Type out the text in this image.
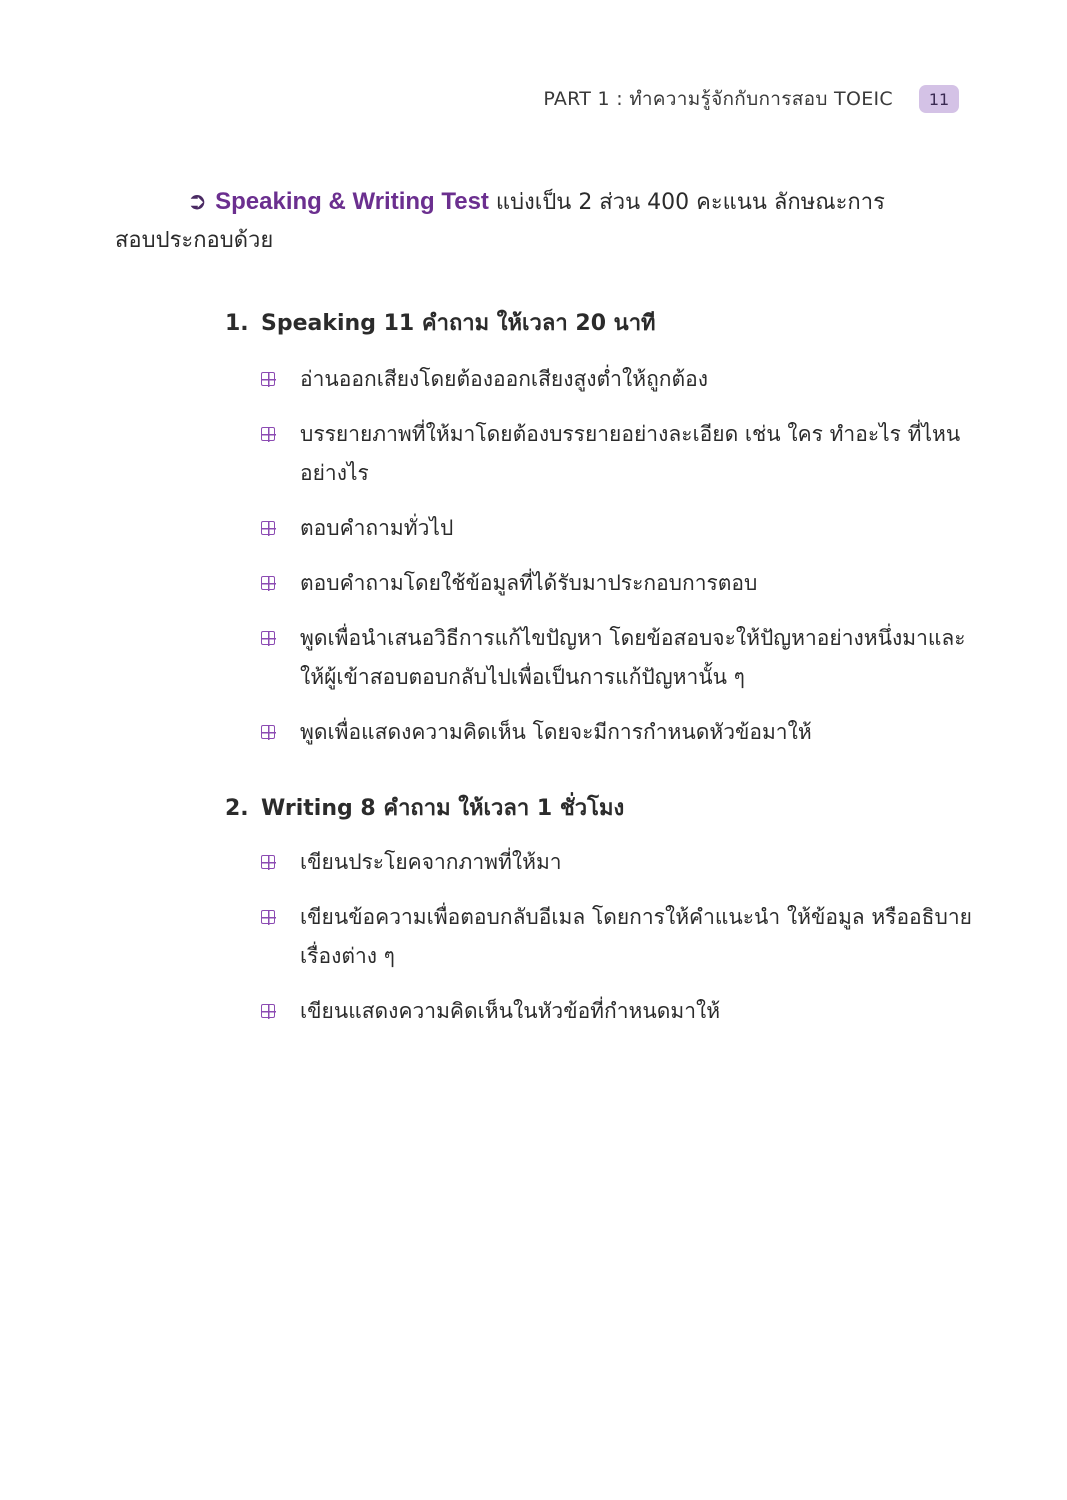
PART 1 : ทำความรู้จักกับการสอบ TOEIC	11

➲ Speaking & Writing Test แบ่งเป็น 2 ส่วน 400 คะแนน ลักษณะการสอบประกอบด้วย

1. Speaking 11 คำถาม ให้เวลา 20 นาที
อ่านออกเสียงโดยต้องออกเสียงสูงต่ำให้ถูกต้อง
บรรยายภาพที่ให้มาโดยต้องบรรยายอย่างละเอียด เช่น ใคร ทำอะไร ที่ไหน อย่างไร
ตอบคำถามทั่วไป
ตอบคำถามโดยใช้ข้อมูลที่ได้รับมาประกอบการตอบ
พูดเพื่อนำเสนอวิธีการแก้ไขปัญหา โดยข้อสอบจะให้ปัญหาอย่างหนึ่งมาและให้ผู้เข้าสอบตอบกลับไปเพื่อเป็นการแก้ปัญหานั้น ๆ
พูดเพื่อแสดงความคิดเห็น โดยจะมีการกำหนดหัวข้อมาให้
2. Writing 8 คำถาม ให้เวลา 1 ชั่วโมง
เขียนประโยคจากภาพที่ให้มา
เขียนข้อความเพื่อตอบกลับอีเมล โดยการให้คำแนะนำ ให้ข้อมูล หรืออธิบายเรื่องต่าง ๆ
เขียนแสดงความคิดเห็นในหัวข้อที่กำหนดมาให้
